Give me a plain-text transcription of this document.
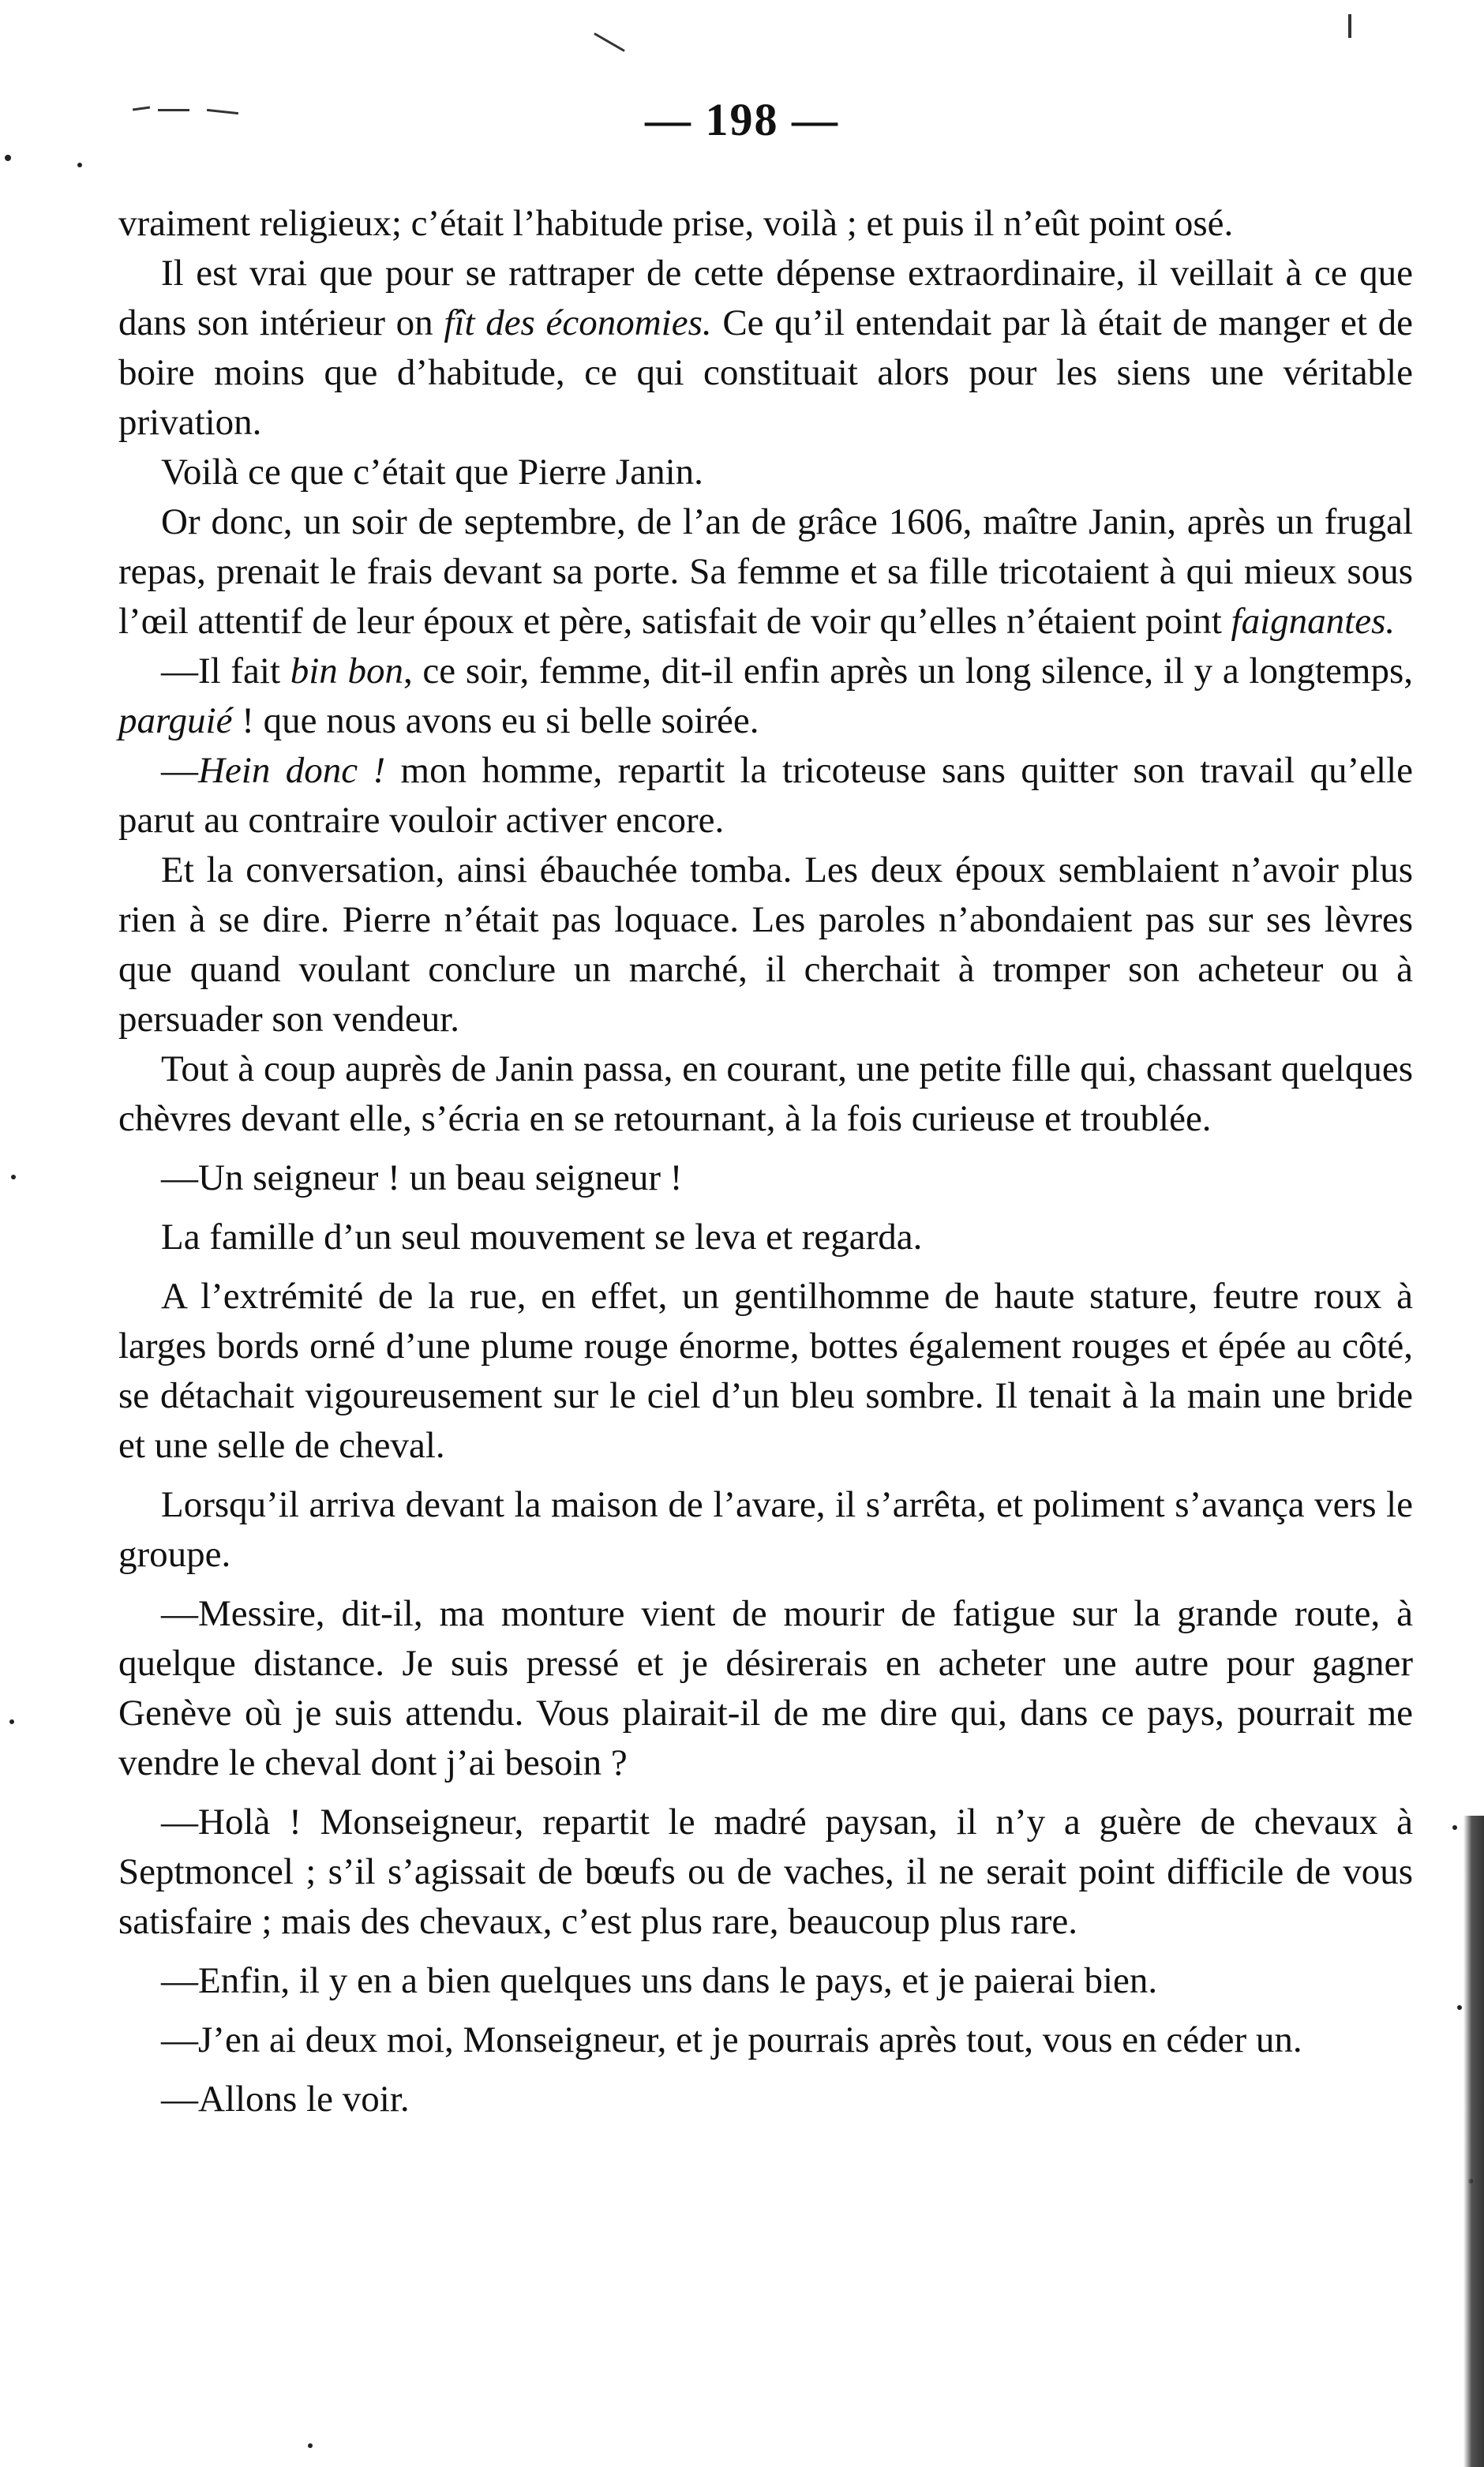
— 198 —

vraiment religieux; c’était l’habitude prise, voilà ; et puis il n’eût point osé.

Il est vrai que pour se rattraper de cette dépense extraordinaire, il veillait à ce que dans son intérieur on fît des économies. Ce qu’il entendait par là était de manger et de boire moins que d’habitude, ce qui constituait alors pour les siens une véritable privation.

Voilà ce que c’était que Pierre Janin.

Or donc, un soir de septembre, de l’an de grâce 1606, maître Janin, après un frugal repas, prenait le frais devant sa porte. Sa femme et sa fille tricotaient à qui mieux sous l’œil attentif de leur époux et père, satisfait de voir qu’elles n’étaient point faignantes.

—Il fait bin bon, ce soir, femme, dit-il enfin après un long silence, il y a longtemps, parguié ! que nous avons eu si belle soirée.

—Hein donc ! mon homme, repartit la tricoteuse sans quitter son travail qu’elle parut au contraire vouloir activer encore.

Et la conversation, ainsi ébauchée tomba. Les deux époux semblaient n’avoir plus rien à se dire. Pierre n’était pas loquace. Les paroles n’abondaient pas sur ses lèvres que quand voulant conclure un marché, il cherchait à tromper son acheteur ou à persuader son vendeur.

Tout à coup auprès de Janin passa, en courant, une petite fille qui, chassant quelques chèvres devant elle, s’écria en se retournant, à la fois curieuse et troublée.

—Un seigneur ! un beau seigneur !

La famille d’un seul mouvement se leva et regarda.

A l’extrémité de la rue, en effet, un gentilhomme de haute stature, feutre roux à larges bords orné d’une plume rouge énorme, bottes également rouges et épée au côté, se détachait vigoureusement sur le ciel d’un bleu sombre. Il tenait à la main une bride et une selle de cheval.

Lorsqu’il arriva devant la maison de l’avare, il s’arrêta, et poliment s’avança vers le groupe.

—Messire, dit-il, ma monture vient de mourir de fatigue sur la grande route, à quelque distance. Je suis pressé et je désirerais en acheter une autre pour gagner Genève où je suis attendu. Vous plairait-il de me dire qui, dans ce pays, pourrait me vendre le cheval dont j’ai besoin ?

—Holà ! Monseigneur, repartit le madré paysan, il n’y a guère de chevaux à Septmoncel ; s’il s’agissait de bœufs ou de vaches, il ne serait point difficile de vous satisfaire ; mais des chevaux, c’est plus rare, beaucoup plus rare.

—Enfin, il y en a bien quelques uns dans le pays, et je paierai bien.

—J’en ai deux moi, Monseigneur, et je pourrais après tout, vous en céder un.

—Allons le voir.
